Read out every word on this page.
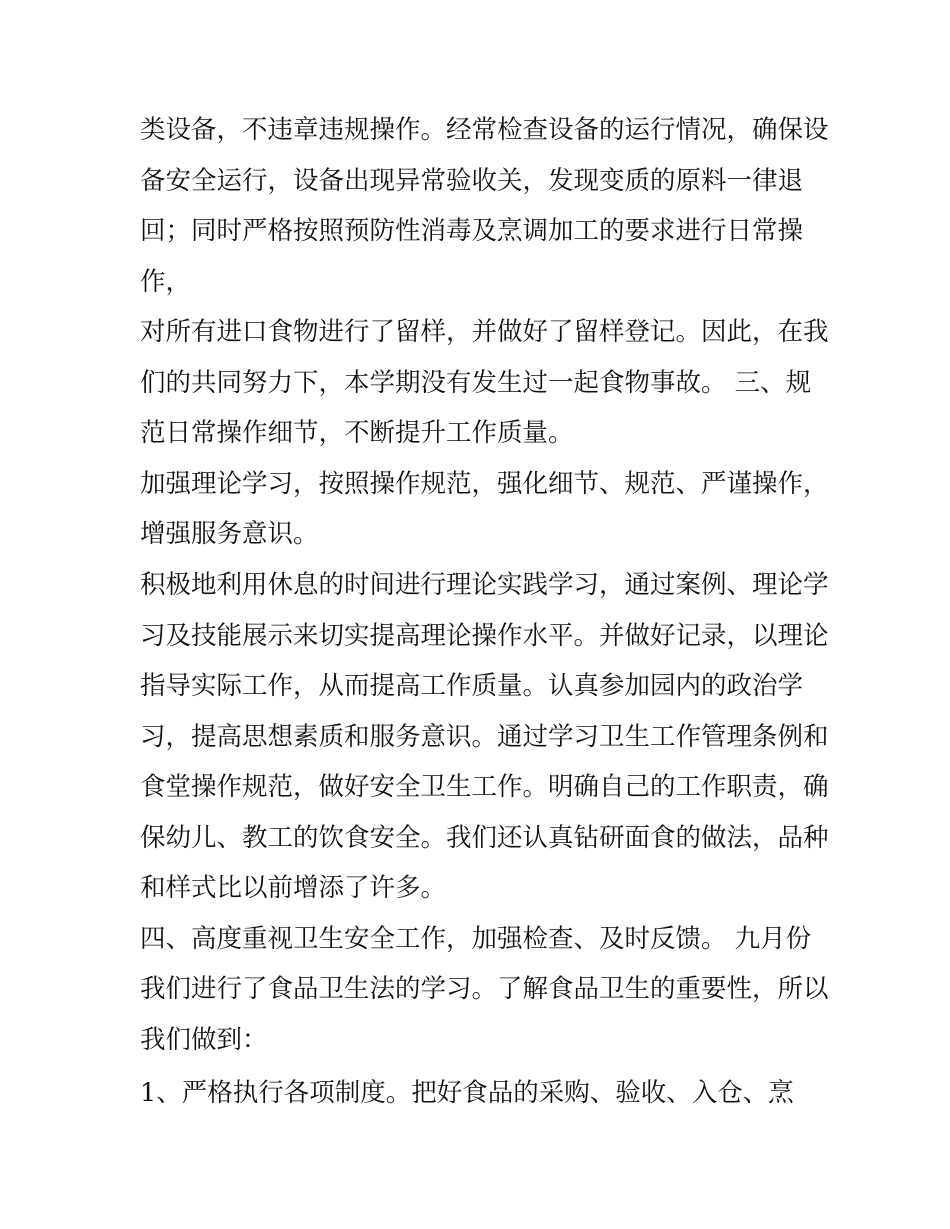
类设备，不违章违规操作。经常检查设备的运行情况，确保设
备安全运行，设备出现异常验收关，发现变质的原料一律退
回；同时严格按照预防性消毒及烹调加工的要求进行日常操
作，
对所有进口食物进行了留样，并做好了留样登记。因此，在我
们的共同努力下，本学期没有发生过一起食物事故。 三、规
范日常操作细节，不断提升工作质量。
加强理论学习，按照操作规范，强化细节、规范、严谨操作，
增强服务意识。
积极地利用休息的时间进行理论实践学习，通过案例、理论学
习及技能展示来切实提高理论操作水平。并做好记录，以理论
指导实际工作，从而提高工作质量。认真参加园内的政治学
习，提高思想素质和服务意识。通过学习卫生工作管理条例和
食堂操作规范，做好安全卫生工作。明确自己的工作职责，确
保幼儿、教工的饮食安全。我们还认真钻研面食的做法，品种
和样式比以前增添了许多。
四、高度重视卫生安全工作，加强检查、及时反馈。 九月份
我们进行了食品卫生法的学习。了解食品卫生的重要性，所以
我们做到：
1、严格执行各项制度。把好食品的采购、验收、入仓、烹
